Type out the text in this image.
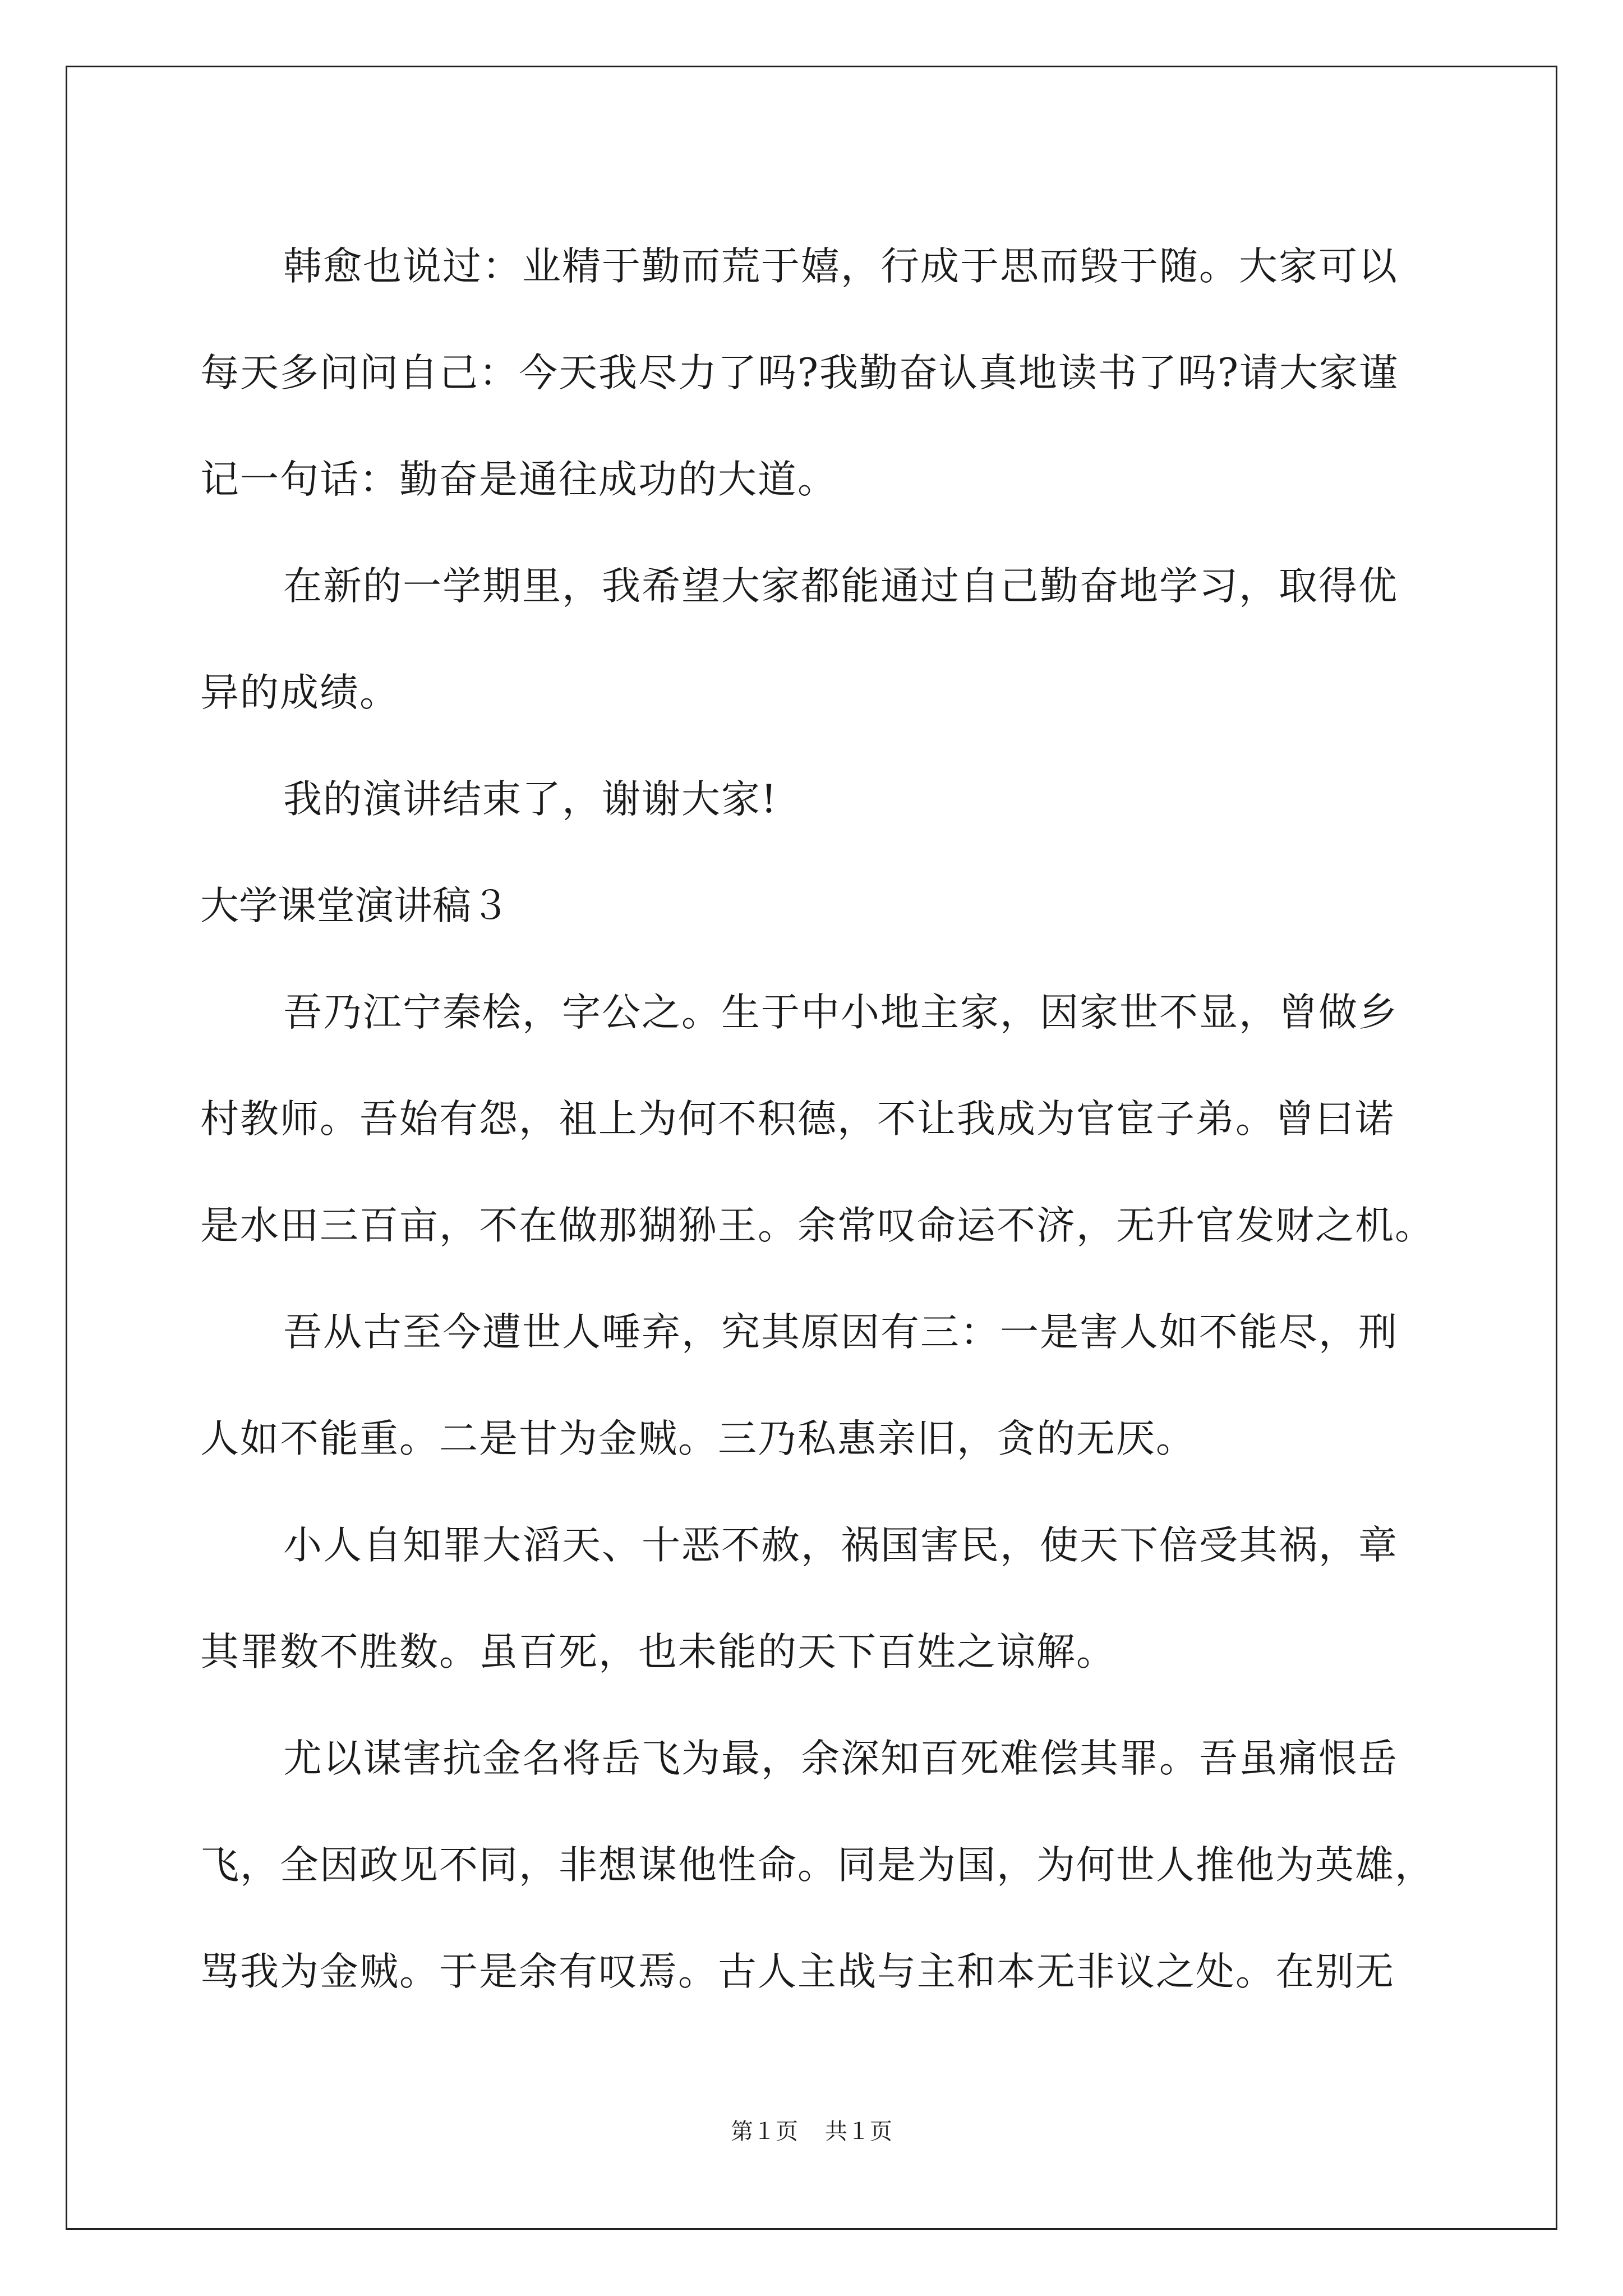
韩愈也说过：业精于勤而荒于嬉，行成于思而毁于随。大家可以
每天多问问自己：今天我尽力了吗?我勤奋认真地读书了吗?请大家谨
记一句话：勤奋是通往成功的大道。
在新的一学期里，我希望大家都能通过自己勤奋地学习，取得优
异的成绩。
我的演讲结束了，谢谢大家!
大学课堂演讲稿３
吾乃江宁秦桧，字公之。生于中小地主家，因家世不显，曾做乡
村教师。吾始有怨，祖上为何不积德，不让我成为官宦子弟。曾曰诺
是水田三百亩，不在做那猢狲王。余常叹命运不济，无升官发财之机。
吾从古至今遭世人唾弃，究其原因有三：一是害人如不能尽，刑
人如不能重。二是甘为金贼。三乃私惠亲旧，贪的无厌。
小人自知罪大滔天、十恶不赦，祸国害民，使天下倍受其祸，章
其罪数不胜数。虽百死，也未能的天下百姓之谅解。
尤以谋害抗金名将岳飞为最，余深知百死难偿其罪。吾虽痛恨岳
飞，全因政见不同，非想谋他性命。同是为国，为何世人推他为英雄，
骂我为金贼。于是余有叹焉。古人主战与主和本无非议之处。在别无
第１页 共１页
